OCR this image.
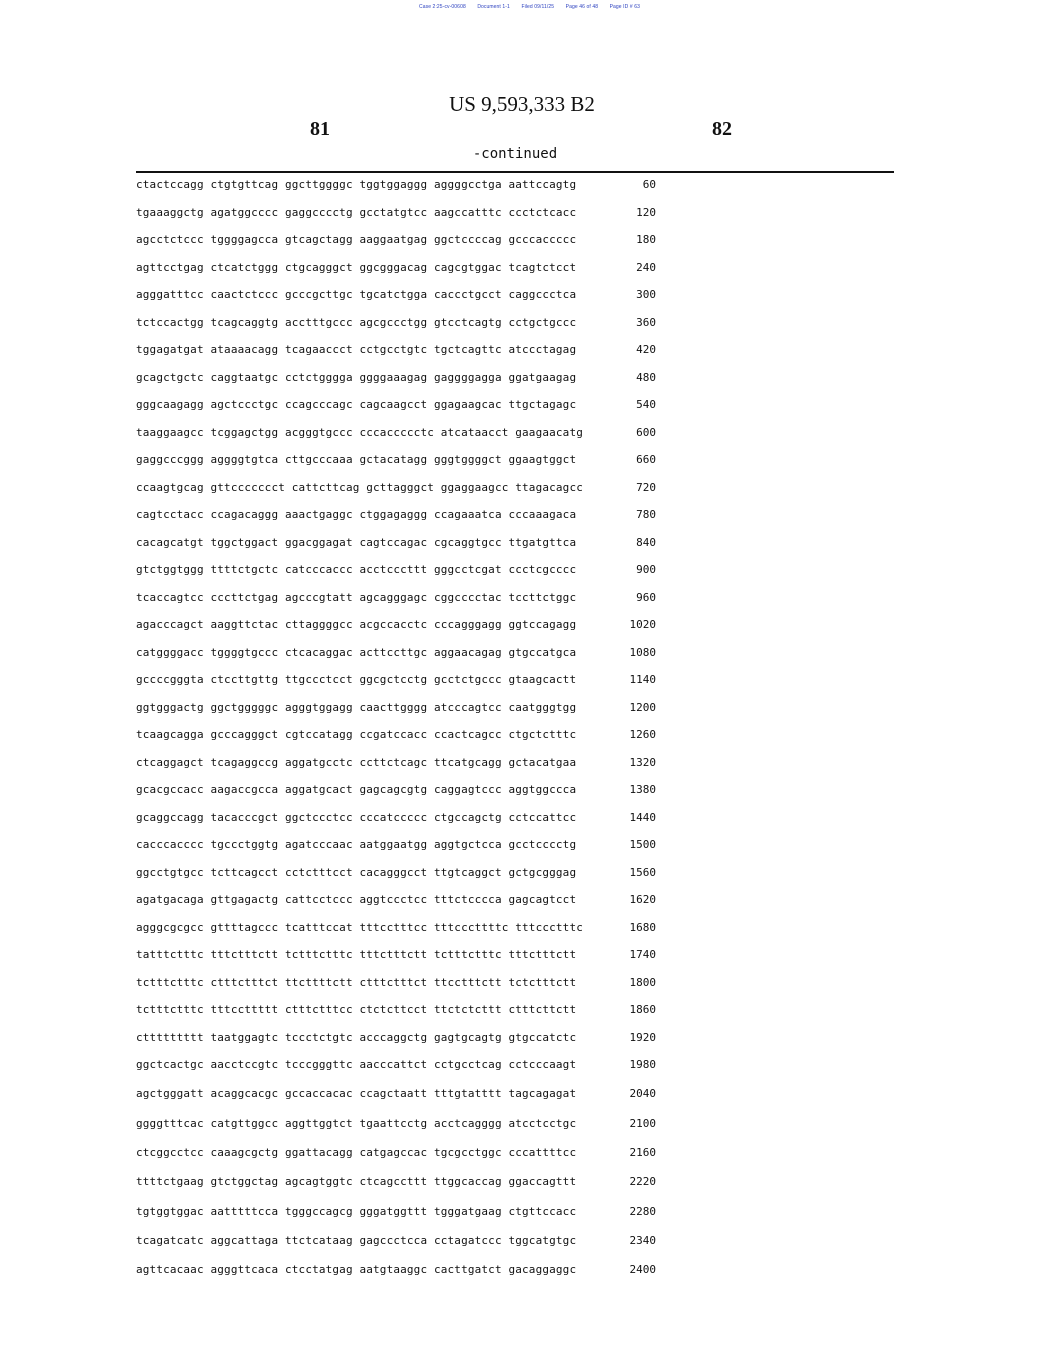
Case 2:25-cv-00608 Document 1-1 Filed 09/11/25 Page 46 of 48 Page ID # 63
US 9,593,333 B2
81	82
-continued
ctactccagg ctgtgttcag ggcttggggc tggtggaggg aggggcctga aattccagtg	60
tgaaaggctg agatggcccc gaggcccctg gcctatgtcc aagccatttc ccctctcacc	120
agcctctccc tggggagcca gtcagctagg aaggaatgag ggctccccag gcccaccccc	180
agttcctgag ctcatctggg ctgcagggct ggcgggacag cagcgtggac tcagtctcct	240
agggatttcc caactctccc gcccgcttgc tgcatctgga caccctgcct caggccctca	300
tctccactgg tcagcaggtg acctttgccc agcgccctgg gtcctcagtg cctgctgccc	360
tggagatgat ataaaacagg tcagaaccct cctgcctgtc tgctcagttc atccctagag	420
gcagctgctc caggtaatgc cctctgggga ggggaaagag gaggggagga ggatgaagag	480
gggcaagagg agctccctgc ccagcccagc cagcaagcct ggagaagcac ttgctagagc	540
taaggaagcc tcggagctgg acgggtgccc cccaccccctc atcataacct gaagaacatg	600
gaggcccggg aggggtgtca cttgcccaaa gctacatagg gggtggggct ggaagtggct	660
ccaagtgcag gttccccccct cattcttcag gcttagggct ggaggaagcc ttagacagcc	720
cagtcctacc ccagacaggg aaactgaggc ctggagaggg ccagaaatca cccaaagaca	780
cacagcatgt tggctggact ggacggagat cagtccagac cgcaggtgcc ttgatgttca	840
gtctggtggg ttttctgctc catcccaccc acctcccttt gggcctcgat ccctcgcccc	900
tcaccagtcc cccttctgag agcccgtatt agcagggagc cggcccctac tccttctggc	960
agacccagct aaggttctac cttaggggcc acgccacctc cccagggagg ggtccagagg	1020
catggggacc tggggtgccc ctcacaggac acttccttgc aggaacagag gtgccatgca	1080
gccccgggta ctccttgttg ttgccctcct ggcgctcctg gcctctgccc gtaagcactt	1140
ggtgggactg ggctgggggc agggtggagg caacttgggg atcccagtcc caatgggtgg	1200
tcaagcagga gcccagggct cgtccatagg ccgatccacc ccactcagcc ctgctctttc	1260
ctcaggagct tcagaggccg aggatgcctc ccttctcagc ttcatgcagg gctacatgaa	1320
gcacgccacc aagaccgcca aggatgcact gagcagcgtg caggagtccc aggtggccca	1380
gcaggccagg tacacccgct ggctccctcc cccatccccc ctgccagctg cctccattcc	1440
cacccacccc tgccctggtg agatcccaac aatggaatgg aggtgctcca gcctcccctg	1500
ggcctgtgcc tcttcagcct cctctttcct cacagggcct ttgtcaggct gctgcgggag	1560
agatgacaga gttgagactg cattcctccc aggtccctcc tttctcccca gagcagtcct	1620
agggcgcgcc gttttagccc tcatttccat tttcctttcc tttcccttttc tttccctttc	1680
tatttctttc tttctttctt tctttctttc tttctttctt tctttctttc tttctttctt	1740
tctttctttc ctttctttct ttcttttctt ctttctttct ttcctttctt tctctttctt	1800
tctttctttc tttccttttt ctttctttcc ctctcttcct ttctctcttt ctttcttctt	1860
cttttttttt taatggagtc tccctctgtc acccaggctg gagtgcagtg gtgccatctc	1920
ggctcactgc aacctccgtc tcccgggttc aacccattct cctgcctcag cctcccaagt	1980
agctgggatt acaggcacgc gccaccacac ccagctaatt tttgtatttt tagcagagat	2040
ggggtttcac catgttggcc aggttggtct tgaattcctg acctcagggg atcctcctgc	2100
ctcggcctcc caaagcgctg ggattacagg catgagccac tgcgcctggc cccattttcc	2160
ttttctgaag gtctggctag agcagtggtc ctcagccttt ttggcaccag ggaccagttt	2220
tgtggtggac aatttttcca tgggccagcg gggatggttt tgggatgaag ctgttccacc	2280
tcagatcatc aggcattaga ttctcataag gagccctcca cctagatccc tggcatgtgc	2340
agttcacaac agggttcaca ctcctatgag aatgtaaggc cacttgatct gacaggaggc	2400
